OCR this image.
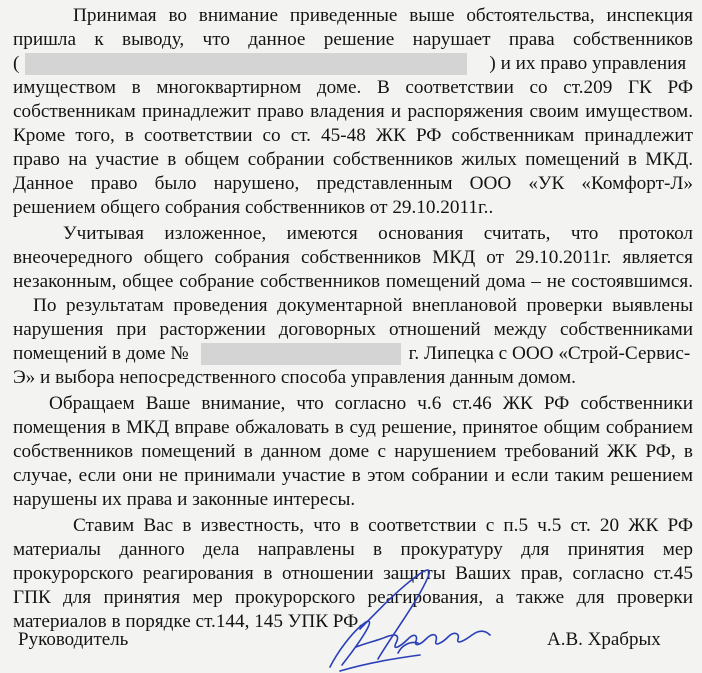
Принимая во внимание приведенные выше обстоятельства, инспекция
пришла к выводу, что данное решение нарушает права собственников
(	) и их право управления
имуществом в многоквартирном доме. В соответствии со ст.209 ГК РФ
собственникам принадлежит право владения и распоряжения своим имуществом.
Кроме того, в соответствии со ст. 45-48 ЖК РФ собственникам принадлежит
право на участие в общем собрании собственников жилых помещений в МКД.
Данное право было нарушено, представленным ООО «УК «Комфорт-Л»
решением общего собрания собственников от 29.10.2011г..
Учитывая изложенное, имеются основания считать, что протокол
внеочередного общего собрания собственников МКД от 29.10.2011г. является
незаконным, общее собрание собственников помещений дома – не состоявшимся.
По результатам проведения документарной внеплановой проверки выявлены
нарушения при расторжении договорных отношений между собственниками
помещений в доме №	г. Липецка с ООО «Строй-Сервис-
Э» и выбора непосредственного способа управления данным домом.
Обращаем Ваше внимание, что согласно ч.6 ст.46 ЖК РФ собственники
помещения в МКД вправе обжаловать в суд решение, принятое общим собранием
собственников помещений в данном доме с нарушением требований ЖК РФ, в
случае, если они не принимали участие в этом собрании и если таким решением
нарушены их права и законные интересы.
Ставим Вас в известность, что в соответствии с п.5 ч.5 ст. 20 ЖК РФ
материалы данного дела направлены в прокуратуру для принятия мер
прокурорского реагирования в отношении защиты Ваших прав, согласно ст.45
ГПК для принятия мер прокурорского реагирования, а также для проверки
материалов в порядке ст.144, 145 УПК РФ.
Руководитель	А.В. Храбрых
